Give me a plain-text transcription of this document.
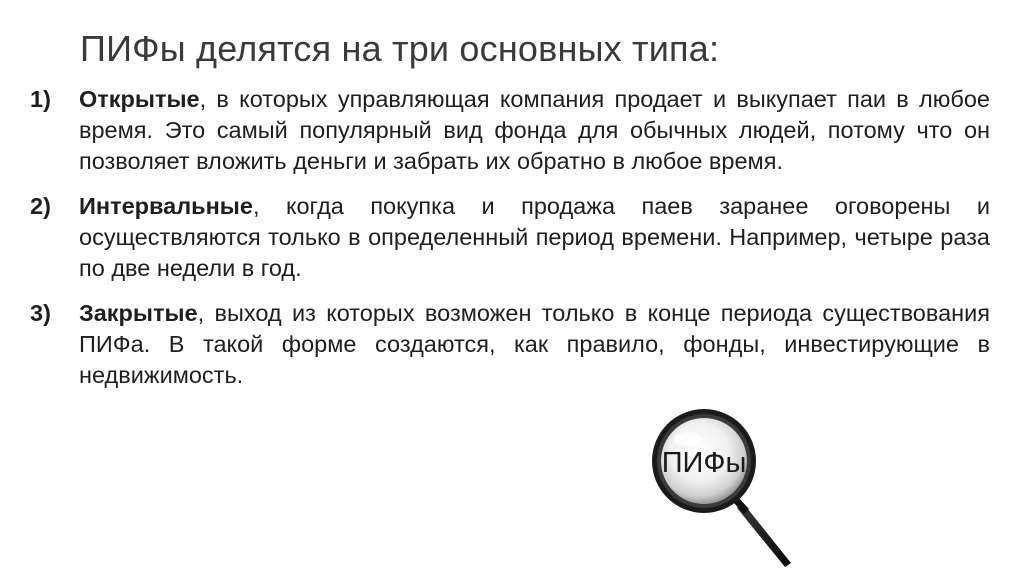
ПИФы делятся на три основных типа:
1) Открытые, в которых управляющая компания продает и выкупает паи в любое время. Это самый популярный вид фонда для обычных людей, потому что он позволяет вложить деньги и забрать их обратно в любое время.
2) Интервальные, когда покупка и продажа паев заранее оговорены и осуществляются только в определенный период времени. Например, четыре раза по две недели в год.
3) Закрытые, выход из которых возможен только в конце периода существования ПИФа. В такой форме создаются, как правило, фонды, инвестирующие в недвижимость.
ПИФы
